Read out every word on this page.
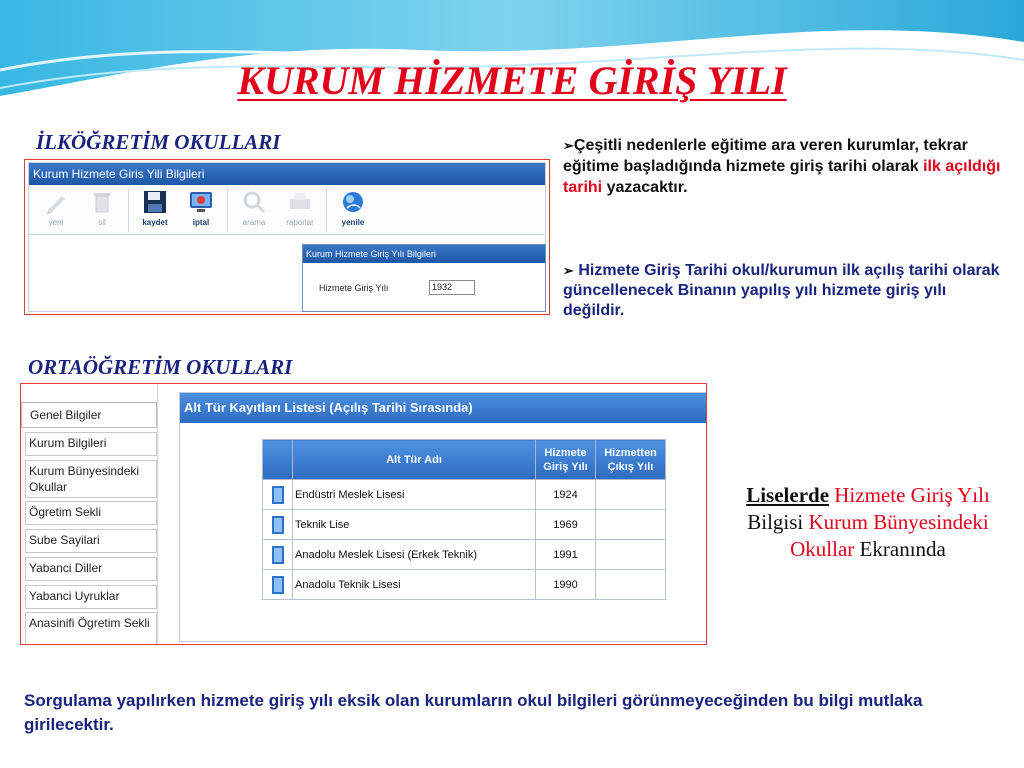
KURUM HİZMETE GİRİŞ YILI
İLKÖĞRETİM OKULLARI
Kurum Hizmete Giris Yili Bilgileri
yeni	sil	kaydet	iptal	arama	raporlar	yenile
Kurum Hizmete Giriş Yılı Bilgileri
Hizmete Giriş Yılı	1932
➢Çeşitli nedenlerle eğitime ara veren kurumlar, tekrar eğitime başladığında hizmete giriş tarihi olarak ilk açıldığı tarihi yazacaktır.
➢ Hizmete Giriş Tarihi okul/kurumun ilk açılış tarihi olarak güncellenecek Binanın yapılış yılı hizmete giriş yılı değildir.
ORTAÖĞRETİM OKULLARI
Genel Bilgiler
Kurum Bilgileri
Kurum Bünyesindeki Okullar
Ögretim Sekli
Sube Sayilari
Yabanci Diller
Yabanci Uyruklar
Anasinifi Ögretim Sekli
Alt Tür Kayıtları Listesi (Açılış Tarihi Sırasında)
	Alt Tür Adı	Hizmete Giriş Yılı	Hizmetten Çıkış Yılı
	Endüstri Meslek Lisesi	1924	
	Teknik Lise	1969	
	Anadolu Meslek Lisesi (Erkek Teknik)	1991	
	Anadolu Teknik Lisesi	1990	
Liselerde Hizmete Giriş Yılı Bilgisi Kurum Bünyesindeki Okullar Ekranında
Sorgulama yapılırken hizmete giriş yılı eksik olan kurumların okul bilgileri görünmeyeceğinden bu bilgi mutlaka girilecektir.
